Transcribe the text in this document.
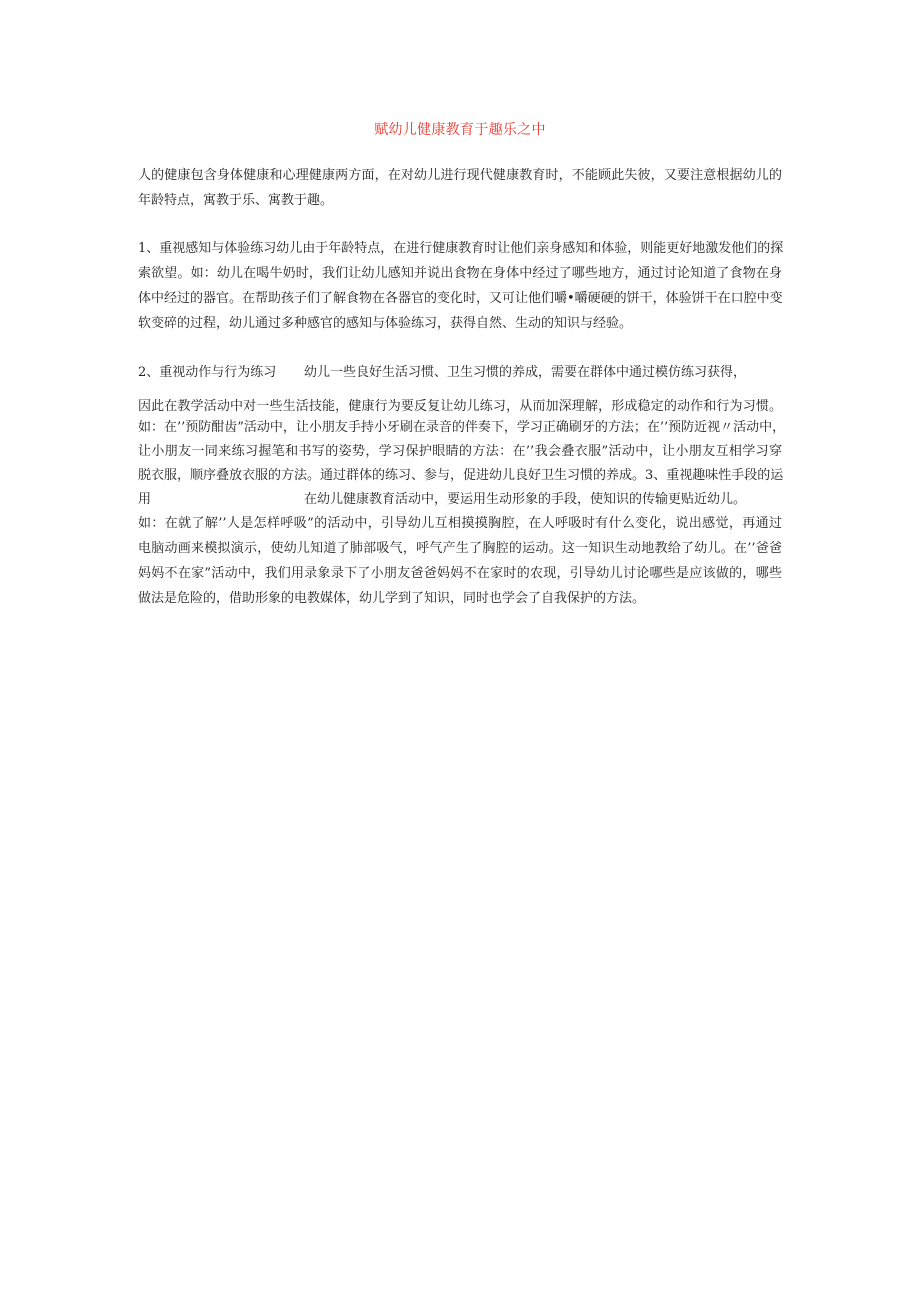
赋幼儿健康教育于趣乐之中
人的健康包含身体健康和心理健康两方面，在对幼儿进行现代健康教育时，不能顾此失彼，又要注意根据幼儿的
年龄特点，寓教于乐、寓教于趣。
1、重视感知与体验练习幼儿由于年龄特点，在进行健康教育时让他们亲身感知和体验，则能更好地激发他们的探
索欲望。如：幼儿在喝牛奶时，我们让幼儿感知并说出食物在身体中经过了哪些地方，通过讨论知道了食物在身
体中经过的器官。在帮助孩子们了解食物在各器官的变化时，又可让他们嚼•嚼硬硬的饼干，体验饼干在口腔中变
软变碎的过程，幼儿通过多种感官的感知与体验练习，获得自然、生动的知识与经验。
2、重视动作与行为练习 幼儿一些良好生活习惯、卫生习惯的养成，需要在群体中通过模仿练习获得，
因此在教学活动中对一些生活技能，健康行为要反复让幼儿练习，从而加深理解，形成稳定的动作和行为习惯。
如：在’’预防酣齿”活动中，让小朋友手持小牙刷在录音的伴奏下，学习正确刷牙的方法；在’’预防近视〃活动中，
让小朋友一同来练习握笔和书写的姿势，学习保护眼睛的方法：在’’我会叠衣服”活动中，让小朋友互相学习穿
脱衣服，顺序叠放衣服的方法。通过群体的练习、参与，促进幼儿良好卫生习惯的养成。3、重视趣味性手段的运
用	在幼儿健康教育活动中，要运用生动形象的手段，使知识的传输更贴近幼儿。
如：在就了解’’人是怎样呼吸”的活动中，引导幼儿互相摸摸胸腔，在人呼吸时有什么变化，说出感觉，再通过
电脑动画来模拟演示，使幼儿知道了肺部吸气，呼气产生了胸腔的运动。这一知识生动地教给了幼儿。在’’爸爸
妈妈不在家”活动中，我们用录象录下了小朋友爸爸妈妈不在家时的农现，引导幼儿讨论哪些是应该做的，哪些
做法是危险的，借助形象的电教媒体，幼儿学到了知识，同时也学会了自我保护的方法。
